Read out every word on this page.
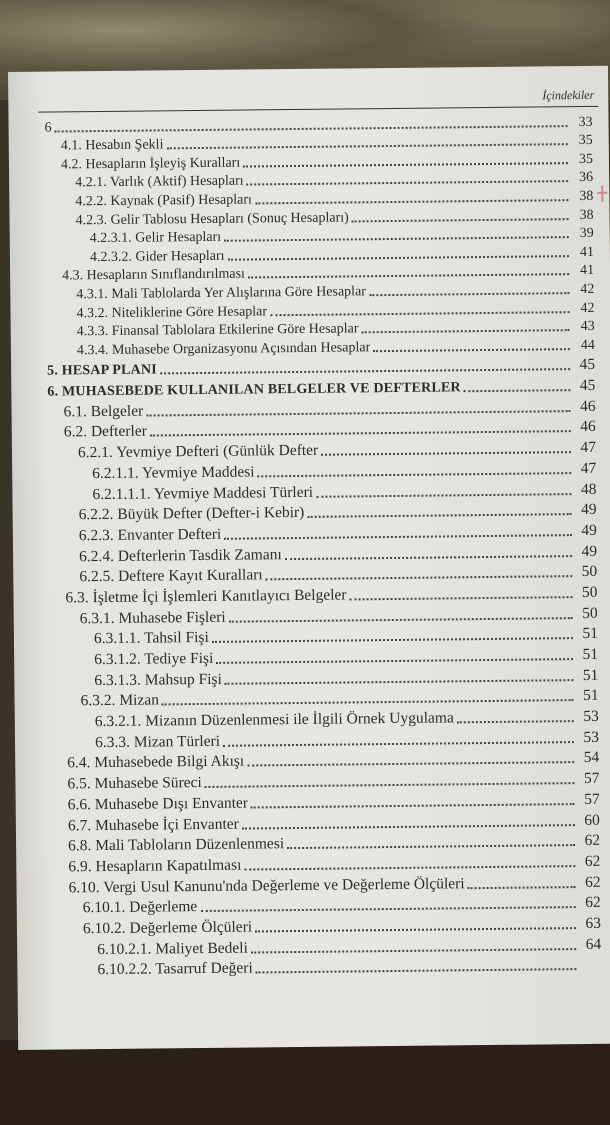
İçindekiler
6	33
4.1. Hesabın Şekli	35
4.2. Hesapların İşleyiş Kuralları	35
4.2.1. Varlık (Aktif) Hesapları	36
4.2.2. Kaynak (Pasif) Hesapları	38
4.2.3. Gelir Tablosu Hesapları (Sonuç Hesapları)	38
4.2.3.1. Gelir Hesapları	39
4.2.3.2. Gider Hesapları	41
4.3. Hesapların Sınıflandırılması	41
4.3.1. Mali Tablolarda Yer Alışlarına Göre Hesaplar	42
4.3.2. Niteliklerine Göre Hesaplar	42
4.3.3. Finansal Tablolara Etkilerine Göre Hesaplar	43
4.3.4. Muhasebe Organizasyonu Açısından Hesaplar	44
5. HESAP PLANI	45
6. MUHASEBEDE KULLANILAN BELGELER VE DEFTERLER	45
6.1. Belgeler	46
6.2. Defterler	46
6.2.1. Yevmiye Defteri (Günlük Defter	47
6.2.1.1. Yevmiye Maddesi	47
6.2.1.1.1. Yevmiye Maddesi Türleri	48
6.2.2. Büyük Defter (Defter-i Kebir)	49
6.2.3. Envanter Defteri	49
6.2.4. Defterlerin Tasdik Zamanı	49
6.2.5. Deftere Kayıt Kuralları	50
6.3. İşletme İçi İşlemleri Kanıtlayıcı Belgeler	50
6.3.1. Muhasebe Fişleri	50
6.3.1.1. Tahsil Fişi	51
6.3.1.2. Tediye Fişi	51
6.3.1.3. Mahsup Fişi	51
6.3.2. Mizan	51
6.3.2.1. Mizanın Düzenlenmesi ile İlgili Örnek Uygulama	53
6.3.3. Mizan Türleri	53
6.4. Muhasebede Bilgi Akışı	54
6.5. Muhasebe Süreci	57
6.6. Muhasebe Dışı Envanter	57
6.7. Muhasebe İçi Envanter	60
6.8. Mali Tabloların Düzenlenmesi	62
6.9. Hesapların Kapatılması	62
6.10. Vergi Usul Kanunu'nda Değerleme ve Değerleme Ölçüleri	62
6.10.1. Değerleme	62
6.10.2. Değerleme Ölçüleri	63
6.10.2.1. Maliyet Bedeli	64
6.10.2.2. Tasarruf Değeri
